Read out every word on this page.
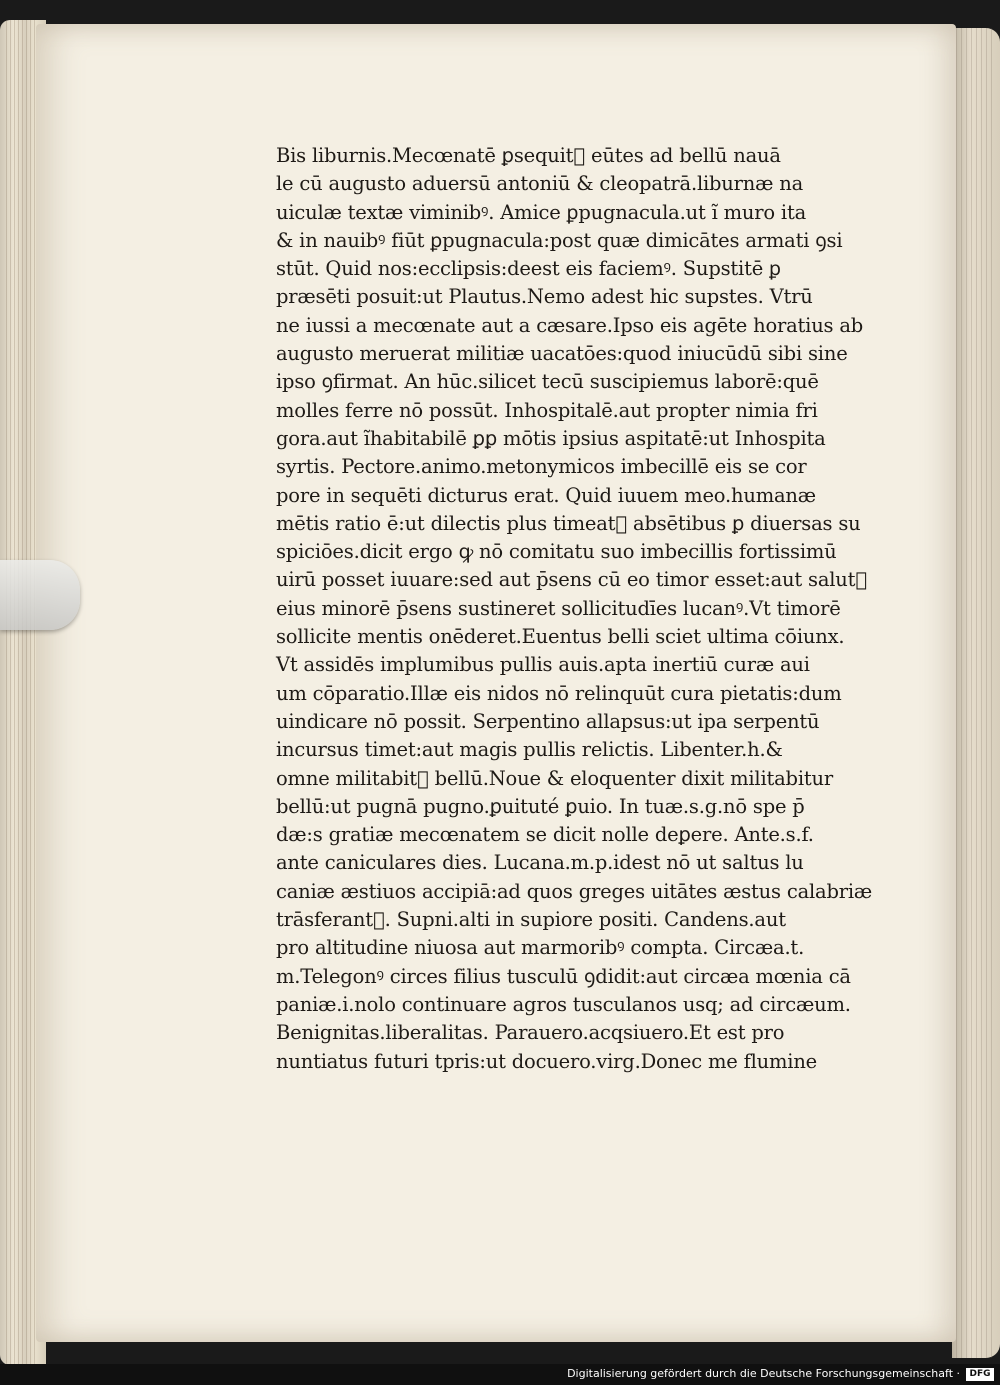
Bis liburnis.Mecœnatē ꝑsequitᷣ eūtes ad bellū nauā
le cū augusto aduersū antoniū & cleopatrā.liburnæ na
uiculæ textæ viminibꝰ. Amice ꝑpugnacula.ut ĩ muro ita
& in nauibꝰ fiūt ꝑpugnacula:post quæ dimicātes armati ꝯsi
stūt. Quid nos:ecclipsis:deest eis faciemꝰ. Supstitē ꝑ
præsēti posuit:ut Plautus.Nemo adest hic supstes. Vtrū
ne iussi a mecœnate aut a cæsare.Ipso eis agēte horatius ab
augusto meruerat militiæ uacatōes:quod iniucūdū sibi sine
ipso ꝯfirmat. An hūc.silicet tecū suscipiemus laborē:quē
molles ferre nō possūt. Inhospitalē.aut propter nimia fri
gora.aut ĩhabitabilē ꝑꝑ mōtis ipsius aspitatē:ut Inhospita
syrtis. Pectore.animo.metonymicos imbecillē eis se cor
pore in sequēti dicturus erat. Quid iuuem meo.humanæ
mētis ratio ē:ut dilectis plus timeatᷣ absētibus ꝑ diuersas su
spiciōes.dicit ergo ꝙ nō comitatu suo imbecillis fortissimū
uirū posset iuuare:sed aut p̄sens cū eo timor esset:aut salutᷣ
eius minorē p̄sens sustineret sollicitudīes lucanꝰ.Vt timorē
sollicite mentis onēderet.Euentus belli sciet ultima cōiunx.
Vt assidēs implumibus pullis auis.apta inertiū curæ aui
um cōparatio.Illæ eis nidos nō relinquūt cura pietatis:dum
uindicare nō possit. Serpentino allapsus:ut ipa serpentū
incursus timet:aut magis pullis relictis. Libenter.h.&
omne militabitᷣ bellū.Noue & eloquenter dixit militabitur
bellū:ut pugnā pugno.ꝑuituté ꝑuio. In tuæ.s.g.nō spe p̄
dæ:s gratiæ mecœnatem se dicit nolle deꝑere. Ante.s.f.
ante caniculares dies. Lucana.m.p.idest nō ut saltus lu
caniæ æstiuos accipiā:ad quos greges uitātes æstus calabriæ
trāsferantᷣ. Supni.alti in supiore positi. Candens.aut
pro altitudine niuosa aut marmoribꝰ compta. Circæa.t.
m.Telegonꝰ circes filius tusculū ꝯdidit:aut circæa mœnia cā
paniæ.i.nolo continuare agros tusculanos usq; ad circæum.
Benignitas.liberalitas. Parauero.acqsiuero.Et est pro
nuntiatus futuri tpris:ut docuero.virg.Donec me flumine
Digitalisierung gefördert durch die Deutsche Forschungsgemeinschaft ·	DFG
